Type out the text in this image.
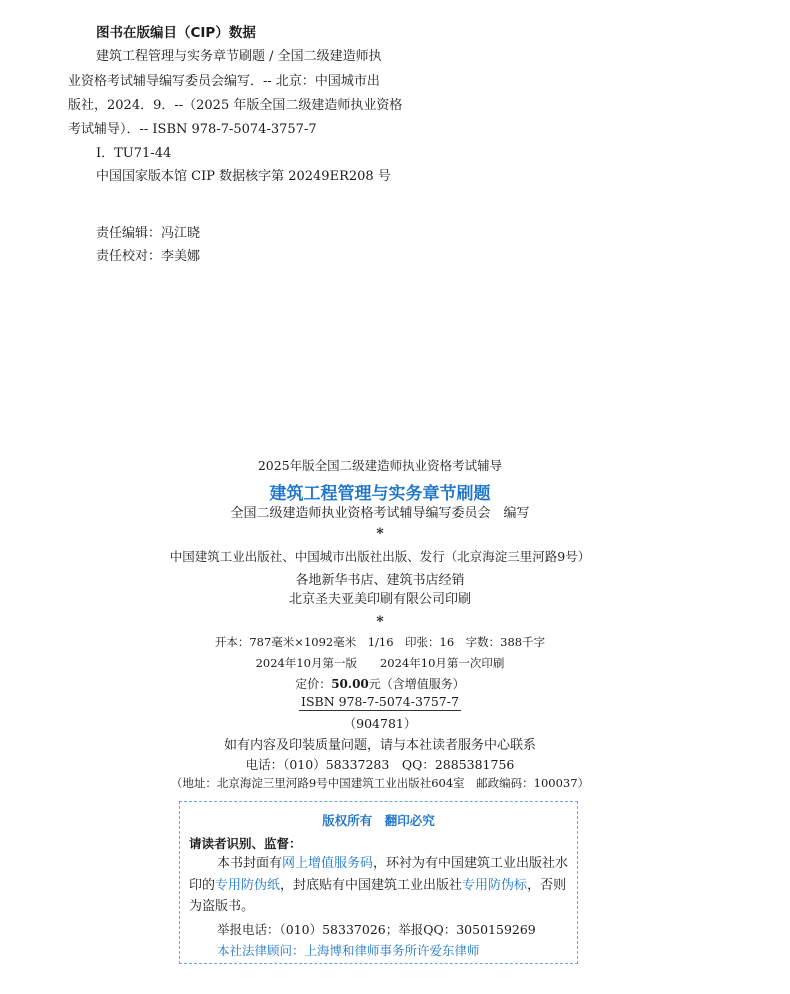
图书在版编目（CIP）数据
建筑工程管理与实务章节刷题 / 全国二级建造师执
业资格考试辅导编写委员会编写．-- 北京：中国城市出
版社，2024．9．--（2025 年版全国二级建造师执业资格
考试辅导）．-- ISBN 978-7-5074-3757-7
Ⅰ．TU71-44
中国国家版本馆 CIP 数据核字第 20249ER208 号
责任编辑：冯江晓
责任校对：李美娜
2025年版全国二级建造师执业资格考试辅导
建筑工程管理与实务章节刷题
全国二级建造师执业资格考试辅导编写委员会　编写
*
中国建筑工业出版社、中国城市出版社出版、发行（北京海淀三里河路9号）
各地新华书店、建筑书店经销
北京圣夫亚美印刷有限公司印刷
*
开本：787毫米×1092毫米　1/16　印张：16　字数：388千字
2024年10月第一版　　2024年10月第一次印刷
定价：50.00元（含增值服务）
ISBN 978-7-5074-3757-7
（904781）
如有内容及印装质量问题，请与本社读者服务中心联系
电话：（010）58337283　QQ：2885381756
（地址：北京海淀三里河路9号中国建筑工业出版社604室　邮政编码：100037）
版权所有　翻印必究
请读者识别、监督：
本书封面有网上增值服务码，环衬为有中国建筑工业出版社水印的专用防伪纸，封底贴有中国建筑工业出版社专用防伪标，否则为盗版书。
举报电话：（010）58337026；举报QQ：3050159269
本社法律顾问：上海博和律师事务所许爱东律师
